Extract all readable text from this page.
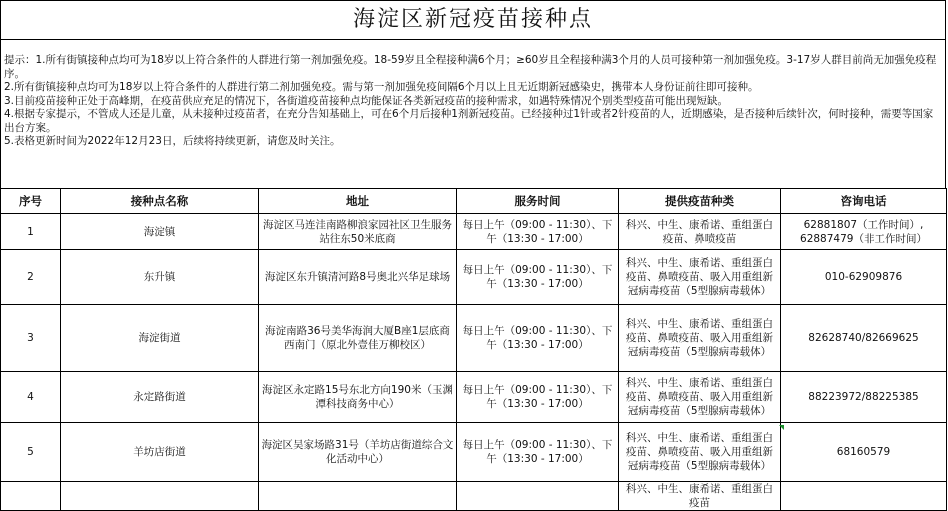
海淀区新冠疫苗接种点

提示：1.所有街镇接种点均可为18岁以上符合条件的人群进行第一剂加强免疫。18-59岁且全程接种满6个月；≥60岁且全程接种满3个月的人员可接种第一剂加强免疫。3-17岁人群目前尚无加强免疫程序。

2.所有街镇接种点均可为18岁以上符合条件的人群进行第二剂加强免疫。需与第一剂加强免疫间隔6个月以上且无近期新冠感染史，携带本人身份证前往即可接种。

3.目前疫苗接种正处于高峰期，在疫苗供应充足的情况下，各街道疫苗接种点均能保证各类新冠疫苗的接种需求，如遇特殊情况个别类型疫苗可能出现短缺。

4.根据专家提示，不管成人还是儿童，从未接种过疫苗者，在充分告知基础上，可在6个月后接种1剂新冠疫苗。已经接种过1针或者2针疫苗的人，近期感染，是否接种后续针次，何时接种，需要等国家出台方案。

5.表格更新时间为2022年12月23日，后续将持续更新，请您及时关注。

序号	接种点名称	地址	服务时间	提供疫苗种类	咨询电话
1	海淀镇	海淀区马连洼南路柳浪家园社区卫生服务站往东50米底商	每日上午（09:00 - 11:30）、下午（13:30 - 17:00）	科兴、中生、康希诺、重组蛋白疫苗、鼻喷疫苗	62881807（工作时间）,
62887479（非工作时间）

2	东升镇	海淀区东升镇清河路8号奥北兴华足球场	每日上午（09:00 - 11:30）、下午（13:30 - 17:00）	科兴、中生、康希诺、重组蛋白疫苗、鼻喷疫苗、吸入用重组新冠病毒疫苗（5型腺病毒载体）	010-62909876
3	海淀街道	海淀南路36号美华海润大厦B座1层底商西南门（原北外壹佳万柳校区）	每日上午（09:00 - 11:30）、下午（13:30 - 17:00）	科兴、中生、康希诺、重组蛋白疫苗、鼻喷疫苗、吸入用重组新冠病毒疫苗（5型腺病毒载体）	82628740/82669625
4	永定路街道	海淀区永定路15号东北方向190米（玉渊潭科技商务中心）	每日上午（09:00 - 11:30）、下午（13:30 - 17:00）	科兴、中生、康希诺、重组蛋白疫苗、鼻喷疫苗、吸入用重组新冠病毒疫苗（5型腺病毒载体）	88223972/88225385
5	羊坊店街道	海淀区吴家场路31号（羊坊店街道综合文化活动中心）	每日上午（09:00 - 11:30）、下午（13:30 - 17:00）	科兴、中生、康希诺、重组蛋白疫苗、鼻喷疫苗、吸入用重组新冠病毒疫苗（5型腺病毒载体）	68160579
				科兴、中生、康希诺、重组蛋白疫苗	
